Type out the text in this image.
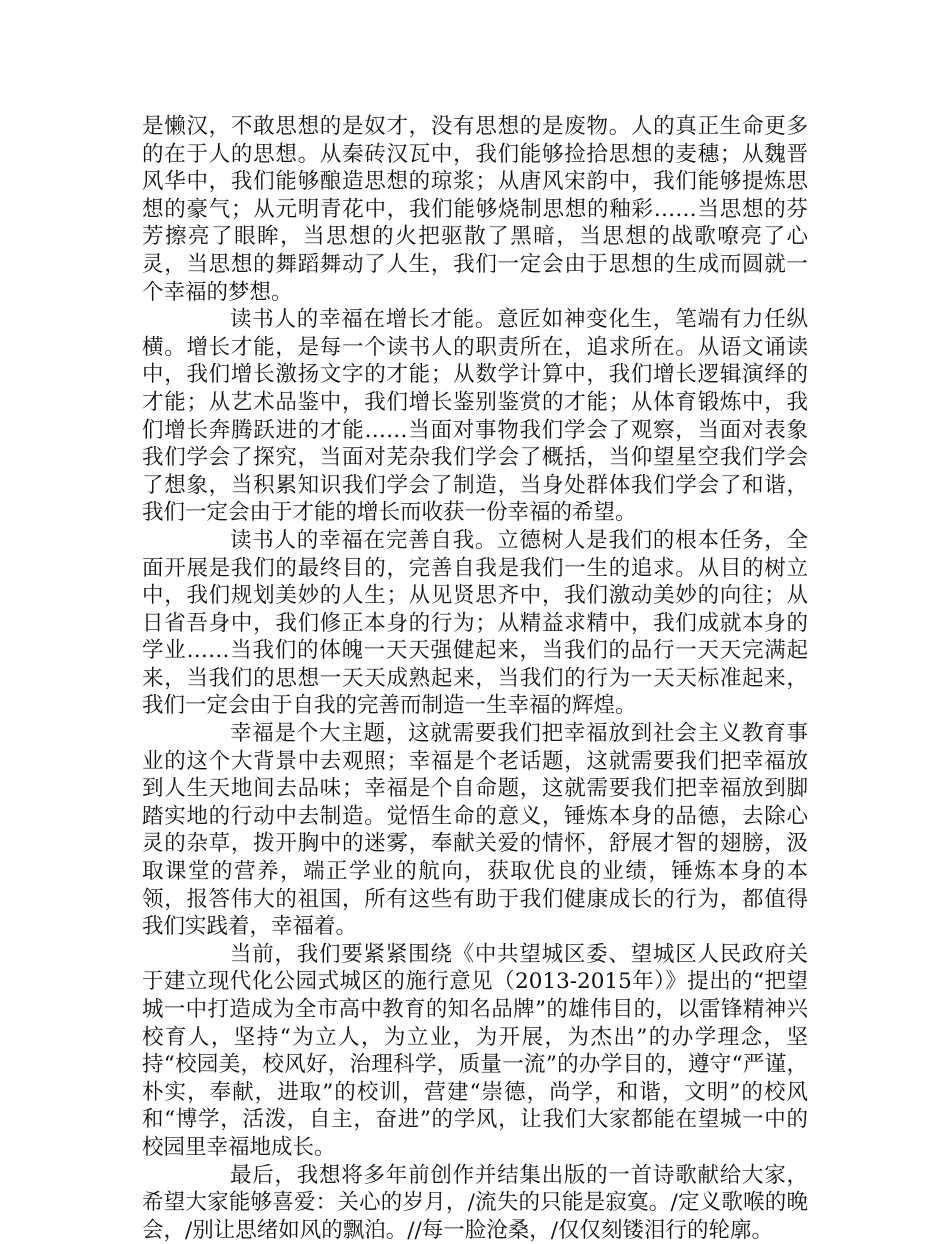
是懒汉，不敢思想的是奴才，没有思想的是废物。人的真正生命更多的在于人的思想。从秦砖汉瓦中，我们能够捡拾思想的麦穗；从魏晋风华中，我们能够酿造思想的琼浆；从唐风宋韵中，我们能够提炼思想的豪气；从元明青花中，我们能够烧制思想的釉彩……当思想的芬芳擦亮了眼眸，当思想的火把驱散了黑暗，当思想的战歌嘹亮了心灵，当思想的舞蹈舞动了人生，我们一定会由于思想的生成而圆就一个幸福的梦想。

读书人的幸福在增长才能。意匠如神变化生，笔端有力任纵横。增长才能，是每一个读书人的职责所在，追求所在。从语文诵读中，我们增长激扬文字的才能；从数学计算中，我们增长逻辑演绎的才能；从艺术品鉴中，我们增长鉴别鉴赏的才能；从体育锻炼中，我们增长奔腾跃进的才能……当面对事物我们学会了观察，当面对表象我们学会了探究，当面对芜杂我们学会了概括，当仰望星空我们学会了想象，当积累知识我们学会了制造，当身处群体我们学会了和谐，我们一定会由于才能的增长而收获一份幸福的希望。

读书人的幸福在完善自我。立德树人是我们的根本任务，全面开展是我们的最终目的，完善自我是我们一生的追求。从目的树立中，我们规划美妙的人生；从见贤思齐中，我们激动美妙的向往；从日省吾身中，我们修正本身的行为；从精益求精中，我们成就本身的学业……当我们的体魄一天天强健起来，当我们的品行一天天完满起来，当我们的思想一天天成熟起来，当我们的行为一天天标准起来，我们一定会由于自我的完善而制造一生幸福的辉煌。

幸福是个大主题，这就需要我们把幸福放到社会主义教育事业的这个大背景中去观照；幸福是个老话题，这就需要我们把幸福放到人生天地间去品味；幸福是个自命题，这就需要我们把幸福放到脚踏实地的行动中去制造。觉悟生命的意义，锤炼本身的品德，去除心灵的杂草，拨开胸中的迷雾，奉献关爱的情怀，舒展才智的翅膀，汲取课堂的营养，端正学业的航向，获取优良的业绩，锤炼本身的本领，报答伟大的祖国，所有这些有助于我们健康成长的行为，都值得我们实践着，幸福着。

当前，我们要紧紧围绕《中共望城区委、望城区人民政府关于建立现代化公园式城区的施行意见（2013-2015年）》提出的“把望城一中打造成为全市高中教育的知名品牌”的雄伟目的，以雷锋精神兴校育人，坚持“为立人，为立业，为开展，为杰出”的办学理念，坚持“校园美，校风好，治理科学，质量一流”的办学目的，遵守“严谨，朴实，奉献，进取”的校训，营建“崇德，尚学，和谐，文明”的校风和“博学，活泼，自主，奋进”的学风，让我们大家都能在望城一中的校园里幸福地成长。

最后，我想将多年前创作并结集出版的一首诗歌献给大家，希望大家能够喜爱：关心的岁月，/流失的只能是寂寞。/定义歌喉的晚会，/别让思绪如风的飘泊。//每一脸沧桑，/仅仅刻镂泪行的轮廓。
